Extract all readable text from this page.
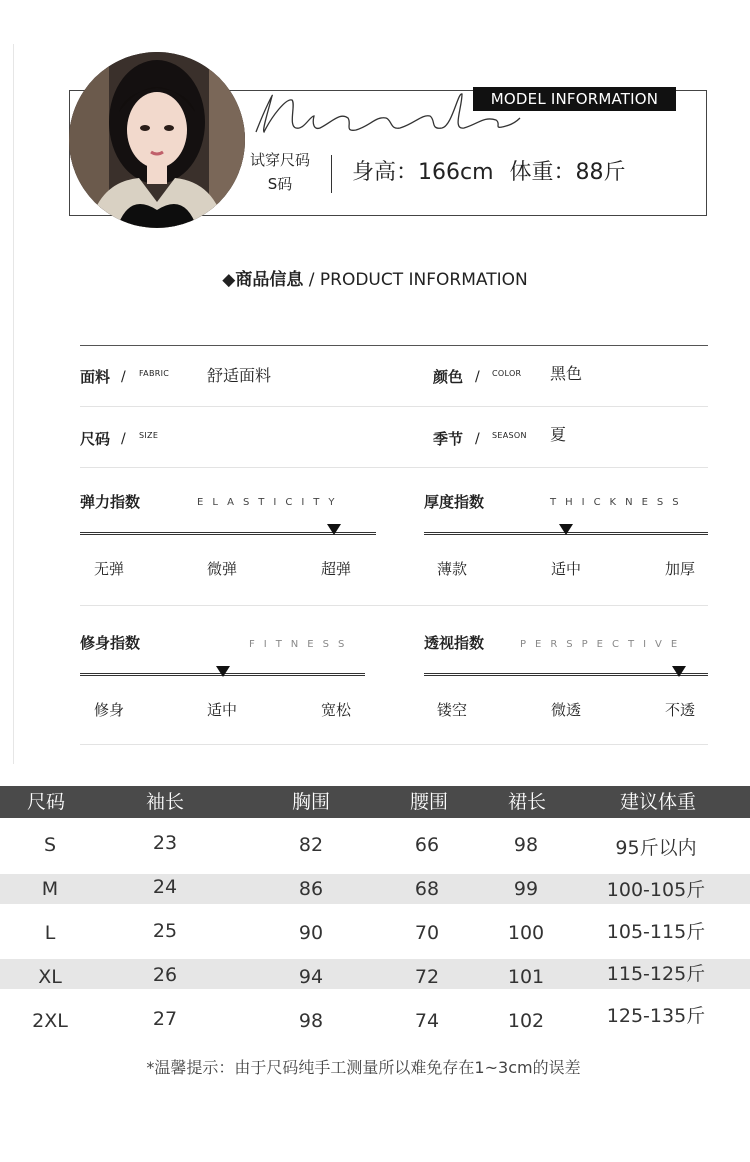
MODEL INFORMATION
试穿尺码
S码	身高：166cm 体重：88斤
◆商品信息 / PRODUCT INFORMATION
面料 / FABRIC 舒适面料	颜色 / COLOR 黑色
尺码 / SIZE	季节 / SEASON 夏
弹力指数	ELASTICITY
无弹	微弹	超弹
厚度指数	THICKNESS
薄款	适中	加厚
修身指数	FITNESS
修身	适中	宽松
透视指数	PERSPECTIVE
镂空	微透	不透
尺码	袖长	胸围	腰围	裙长	建议体重
S	23	82	66	98	95斤以内
M	24	86	68	99	100-105斤
L	25	90	70	100	105-115斤
XL	26	94	72	101	115-125斤
2XL	27	98	74	102	125-135斤
*温馨提示：由于尺码纯手工测量所以难免存在1~3cm的误差
